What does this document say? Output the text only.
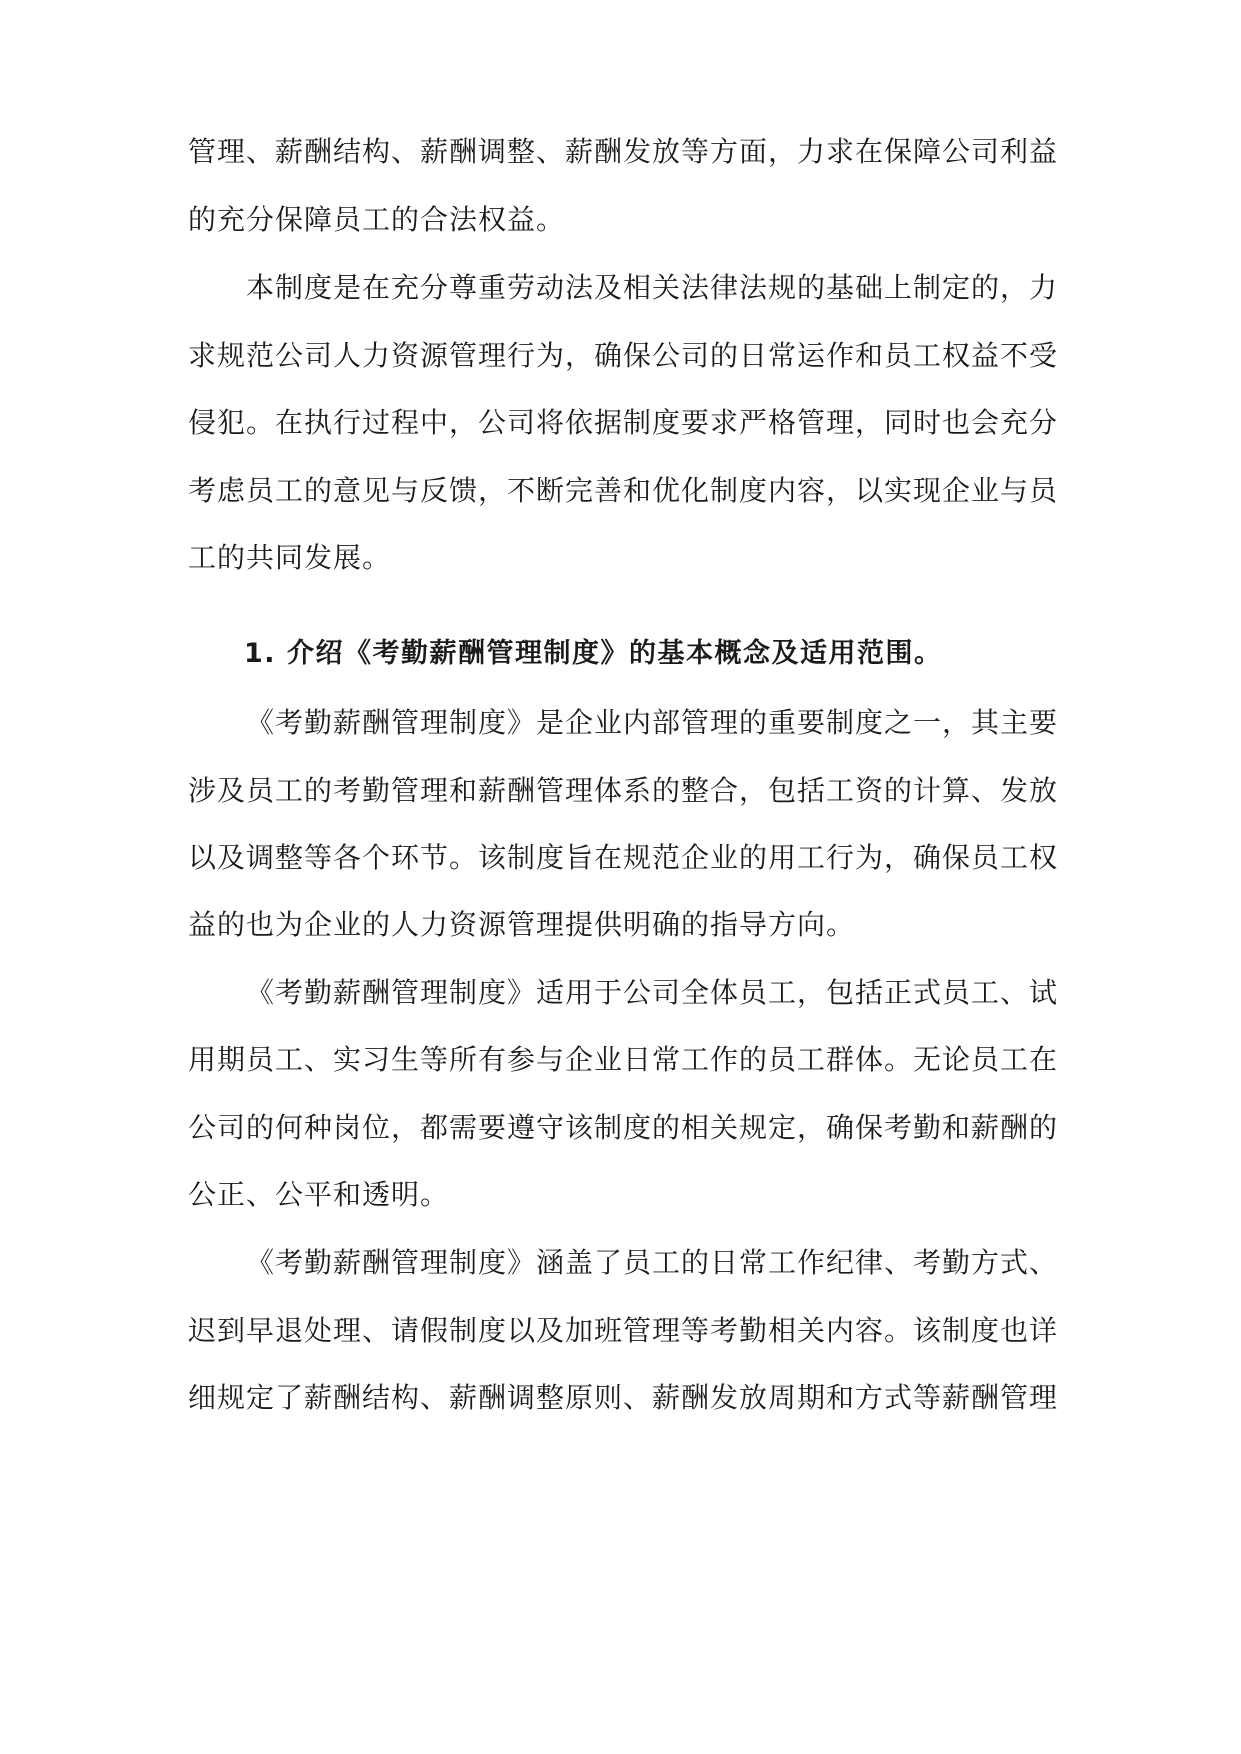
管理、薪酬结构、薪酬调整、薪酬发放等方面，力求在保障公司利益
的充分保障员工的合法权益。
本制度是在充分尊重劳动法及相关法律法规的基础上制定的，力
求规范公司人力资源管理行为，确保公司的日常运作和员工权益不受
侵犯。在执行过程中，公司将依据制度要求严格管理，同时也会充分
考虑员工的意见与反馈，不断完善和优化制度内容，以实现企业与员
工的共同发展。
1. 介绍《考勤薪酬管理制度》的基本概念及适用范围。
《考勤薪酬管理制度》是企业内部管理的重要制度之一，其主要
涉及员工的考勤管理和薪酬管理体系的整合，包括工资的计算、发放
以及调整等各个环节。该制度旨在规范企业的用工行为，确保员工权
益的也为企业的人力资源管理提供明确的指导方向。
《考勤薪酬管理制度》适用于公司全体员工，包括正式员工、试
用期员工、实习生等所有参与企业日常工作的员工群体。无论员工在
公司的何种岗位，都需要遵守该制度的相关规定，确保考勤和薪酬的
公正、公平和透明。
《考勤薪酬管理制度》涵盖了员工的日常工作纪律、考勤方式、
迟到早退处理、请假制度以及加班管理等考勤相关内容。该制度也详
细规定了薪酬结构、薪酬调整原则、薪酬发放周期和方式等薪酬管理
